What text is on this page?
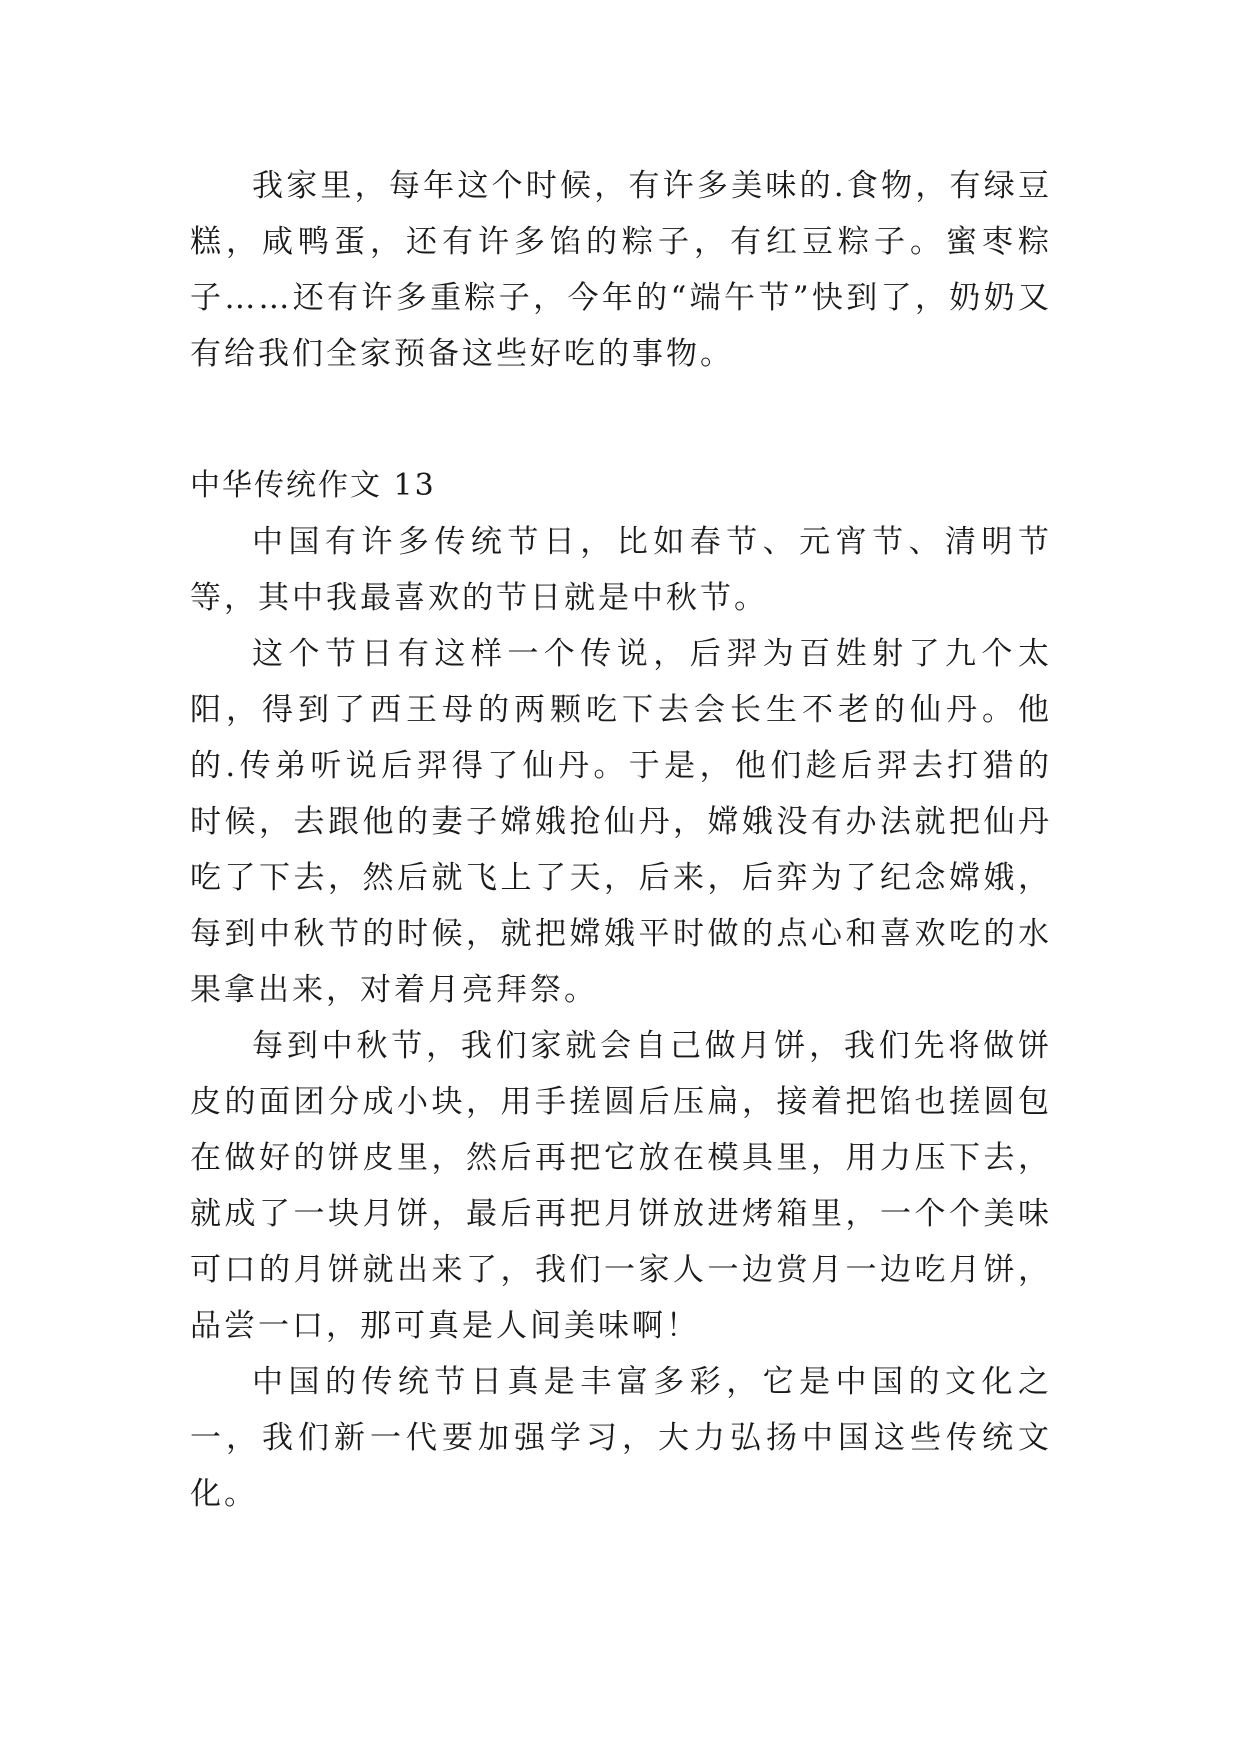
我家里，每年这个时候，有许多美味的.食物，有绿豆糕，咸鸭蛋，还有许多馅的粽子，有红豆粽子。蜜枣粽子……还有许多重粽子，今年的“端午节”快到了，奶奶又有给我们全家预备这些好吃的事物。

中华传统作文 13

中国有许多传统节日，比如春节、元宵节、清明节等，其中我最喜欢的节日就是中秋节。

这个节日有这样一个传说，后羿为百姓射了九个太阳，得到了西王母的两颗吃下去会长生不老的仙丹。他的.传弟听说后羿得了仙丹。于是，他们趁后羿去打猎的时候，去跟他的妻子嫦娥抢仙丹，嫦娥没有办法就把仙丹吃了下去，然后就飞上了天，后来，后弈为了纪念嫦娥，每到中秋节的时候，就把嫦娥平时做的点心和喜欢吃的水果拿出来，对着月亮拜祭。

每到中秋节，我们家就会自己做月饼，我们先将做饼皮的面团分成小块，用手搓圆后压扁，接着把馅也搓圆包在做好的饼皮里，然后再把它放在模具里，用力压下去，就成了一块月饼，最后再把月饼放进烤箱里，一个个美味可口的月饼就出来了，我们一家人一边赏月一边吃月饼，品尝一口，那可真是人间美味啊！

中国的传统节日真是丰富多彩，它是中国的文化之一，我们新一代要加强学习，大力弘扬中国这些传统文化。
